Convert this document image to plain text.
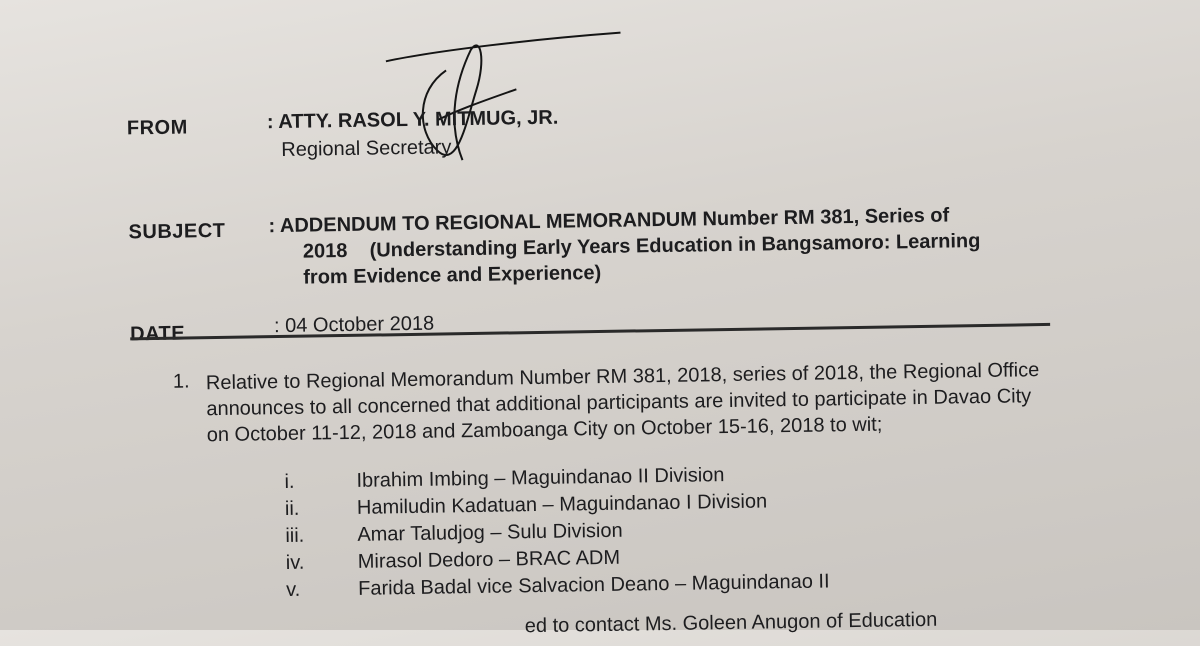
FROM	: ATTY. RASOL Y. MITMUG, JR.
Regional Secretary
SUBJECT : ADDENDUM TO REGIONAL MEMORANDUM Number RM 381, Series of
2018    (Understanding Early Years Education in Bangsamoro: Learning
from Evidence and Experience)
DATE	: 04 October 2018
1. Relative to Regional Memorandum Number RM 381, 2018, series of 2018, the Regional Office announces to all concerned that additional participants are invited to participate in Davao City on October 11-12, 2018 and Zamboanga City on October 15-16, 2018 to wit;
i.	Ibrahim Imbing – Maguindanao II Division
ii.	Hamiludin Kadatuan – Maguindanao I Division
iii.	Amar Taludjog – Sulu Division
iv.	Mirasol Dedoro – BRAC ADM
v.	Farida Badal vice Salvacion Deano – Maguindanao II
ed to contact Ms. Goleen Anugon of Education
